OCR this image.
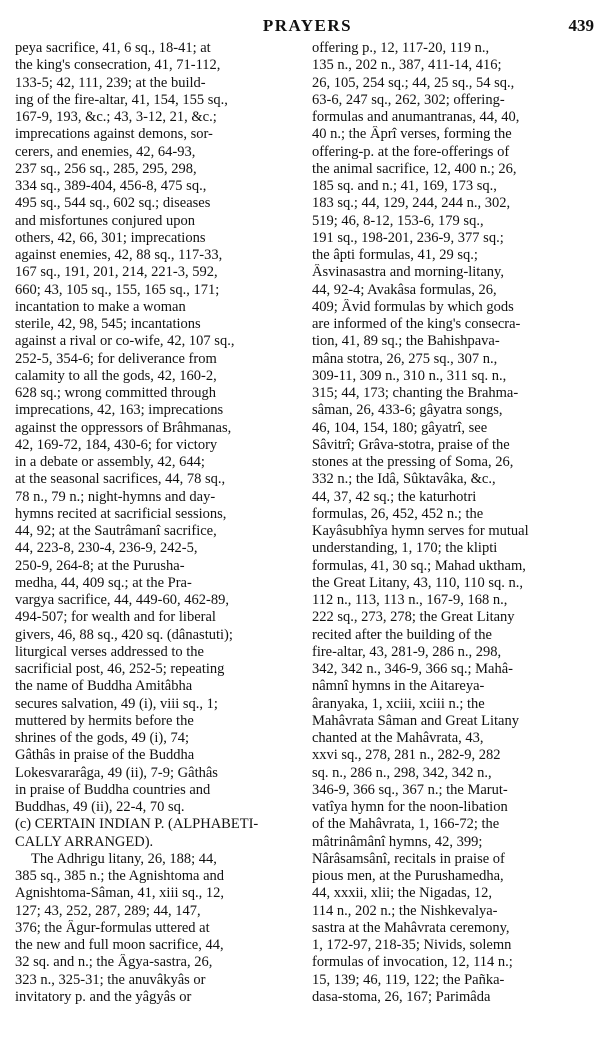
PRAYERS	439
peya sacrifice, 41, 6 sq., 18-41; at
the king's consecration, 41, 71-112,
133-5; 42, 111, 239; at the build-
ing of the fire-altar, 41, 154, 155 sq.,
167-9, 193, &c.; 43, 3-12, 21, &c.;
imprecations against demons, sor-
cerers, and enemies, 42, 64-93,
237 sq., 256 sq., 285, 295, 298,
334 sq., 389-404, 456-8, 475 sq.,
495 sq., 544 sq., 602 sq.; diseases
and misfortunes conjured upon
others, 42, 66, 301; imprecations
against enemies, 42, 88 sq., 117-33,
167 sq., 191, 201, 214, 221-3, 592,
660; 43, 105 sq., 155, 165 sq., 171;
incantation to make a woman
sterile, 42, 98, 545; incantations
against a rival or co-wife, 42, 107 sq.,
252-5, 354-6; for deliverance from
calamity to all the gods, 42, 160-2,
628 sq.; wrong committed through
imprecations, 42, 163; imprecations
against the oppressors of Brâhmanas,
42, 169-72, 184, 430-6; for victory
in a debate or assembly, 42, 644;
at the seasonal sacrifices, 44, 78 sq.,
78 n., 79 n.; night-hymns and day-
hymns recited at sacrificial sessions,
44, 92; at the Sautrâmanî sacrifice,
44, 223-8, 230-4, 236-9, 242-5,
250-9, 264-8; at the Purusha-
medha, 44, 409 sq.; at the Pra-
vargya sacrifice, 44, 449-60, 462-89,
494-507; for wealth and for liberal
givers, 46, 88 sq., 420 sq. (dânastuti);
liturgical verses addressed to the
sacrificial post, 46, 252-5; repeating
the name of Buddha Amitâbha
secures salvation, 49 (i), viii sq., 1;
muttered by hermits before the
shrines of the gods, 49 (i), 74;
Gâthâs in praise of the Buddha
Lokesvararâga, 49 (ii), 7-9; Gâthâs
in praise of Buddha countries and
Buddhas, 49 (ii), 22-4, 70 sq.
(c) CERTAIN INDIAN P. (ALPHABETI-
CALLY ARRANGED).
The Adhrigu litany, 26, 188; 44,
385 sq., 385 n.; the Agnishtoma and
Agnishtoma-Sâman, 41, xiii sq., 12,
127; 43, 252, 287, 289; 44, 147,
376; the Âgur-formulas uttered at
the new and full moon sacrifice, 44,
32 sq. and n.; the Âgya-sastra, 26,
323 n., 325-31; the anuvâkyâs or
invitatory p. and the yâgyâs or
offering p., 12, 117-20, 119 n.,
135 n., 202 n., 387, 411-14, 416;
26, 105, 254 sq.; 44, 25 sq., 54 sq.,
63-6, 247 sq., 262, 302; offering-
formulas and anumantranas, 44, 40,
40 n.; the Âprî verses, forming the
offering-p. at the fore-offerings of
the animal sacrifice, 12, 400 n.; 26,
185 sq. and n.; 41, 169, 173 sq.,
183 sq.; 44, 129, 244, 244 n., 302,
519; 46, 8-12, 153-6, 179 sq.,
191 sq., 198-201, 236-9, 377 sq.;
the âpti formulas, 41, 29 sq.;
Âsvinasastra and morning-litany,
44, 92-4; Avakâsa formulas, 26,
409; Âvid formulas by which gods
are informed of the king's consecra-
tion, 41, 89 sq.; the Bahishpava-
mâna stotra, 26, 275 sq., 307 n.,
309-11, 309 n., 310 n., 311 sq. n.,
315; 44, 173; chanting the Brahma-
sâman, 26, 433-6; gâyatra songs,
46, 104, 154, 180; gâyatrî, see
Sâvitrî; Grâva-stotra, praise of the
stones at the pressing of Soma, 26,
332 n.; the Idâ, Sûktavâka, &c.,
44, 37, 42 sq.; the katurhotri
formulas, 26, 452, 452 n.; the
Kayâsubhîya hymn serves for mutual
understanding, 1, 170; the klipti
formulas, 41, 30 sq.; Mahad uktham,
the Great Litany, 43, 110, 110 sq. n.,
112 n., 113, 113 n., 167-9, 168 n.,
222 sq., 273, 278; the Great Litany
recited after the building of the
fire-altar, 43, 281-9, 286 n., 298,
342, 342 n., 346-9, 366 sq.; Mahâ-
nâmnî hymns in the Aitareya-
âranyaka, 1, xciii, xciii n.; the
Mahâvrata Sâman and Great Litany
chanted at the Mahâvrata, 43,
xxvi sq., 278, 281 n., 282-9, 282
sq. n., 286 n., 298, 342, 342 n.,
346-9, 366 sq., 367 n.; the Marut-
vatîya hymn for the noon-libation
of the Mahâvrata, 1, 166-72; the
mâtrinâmânî hymns, 42, 399;
Nârâsamsânî, recitals in praise of
pious men, at the Purushamedha,
44, xxxii, xlii; the Nigadas, 12,
114 n., 202 n.; the Nishkevalya-
sastra at the Mahâvrata ceremony,
1, 172-97, 218-35; Nivids, solemn
formulas of invocation, 12, 114 n.;
15, 139; 46, 119, 122; the Pañka-
dasa-stoma, 26, 167; Parimâda
